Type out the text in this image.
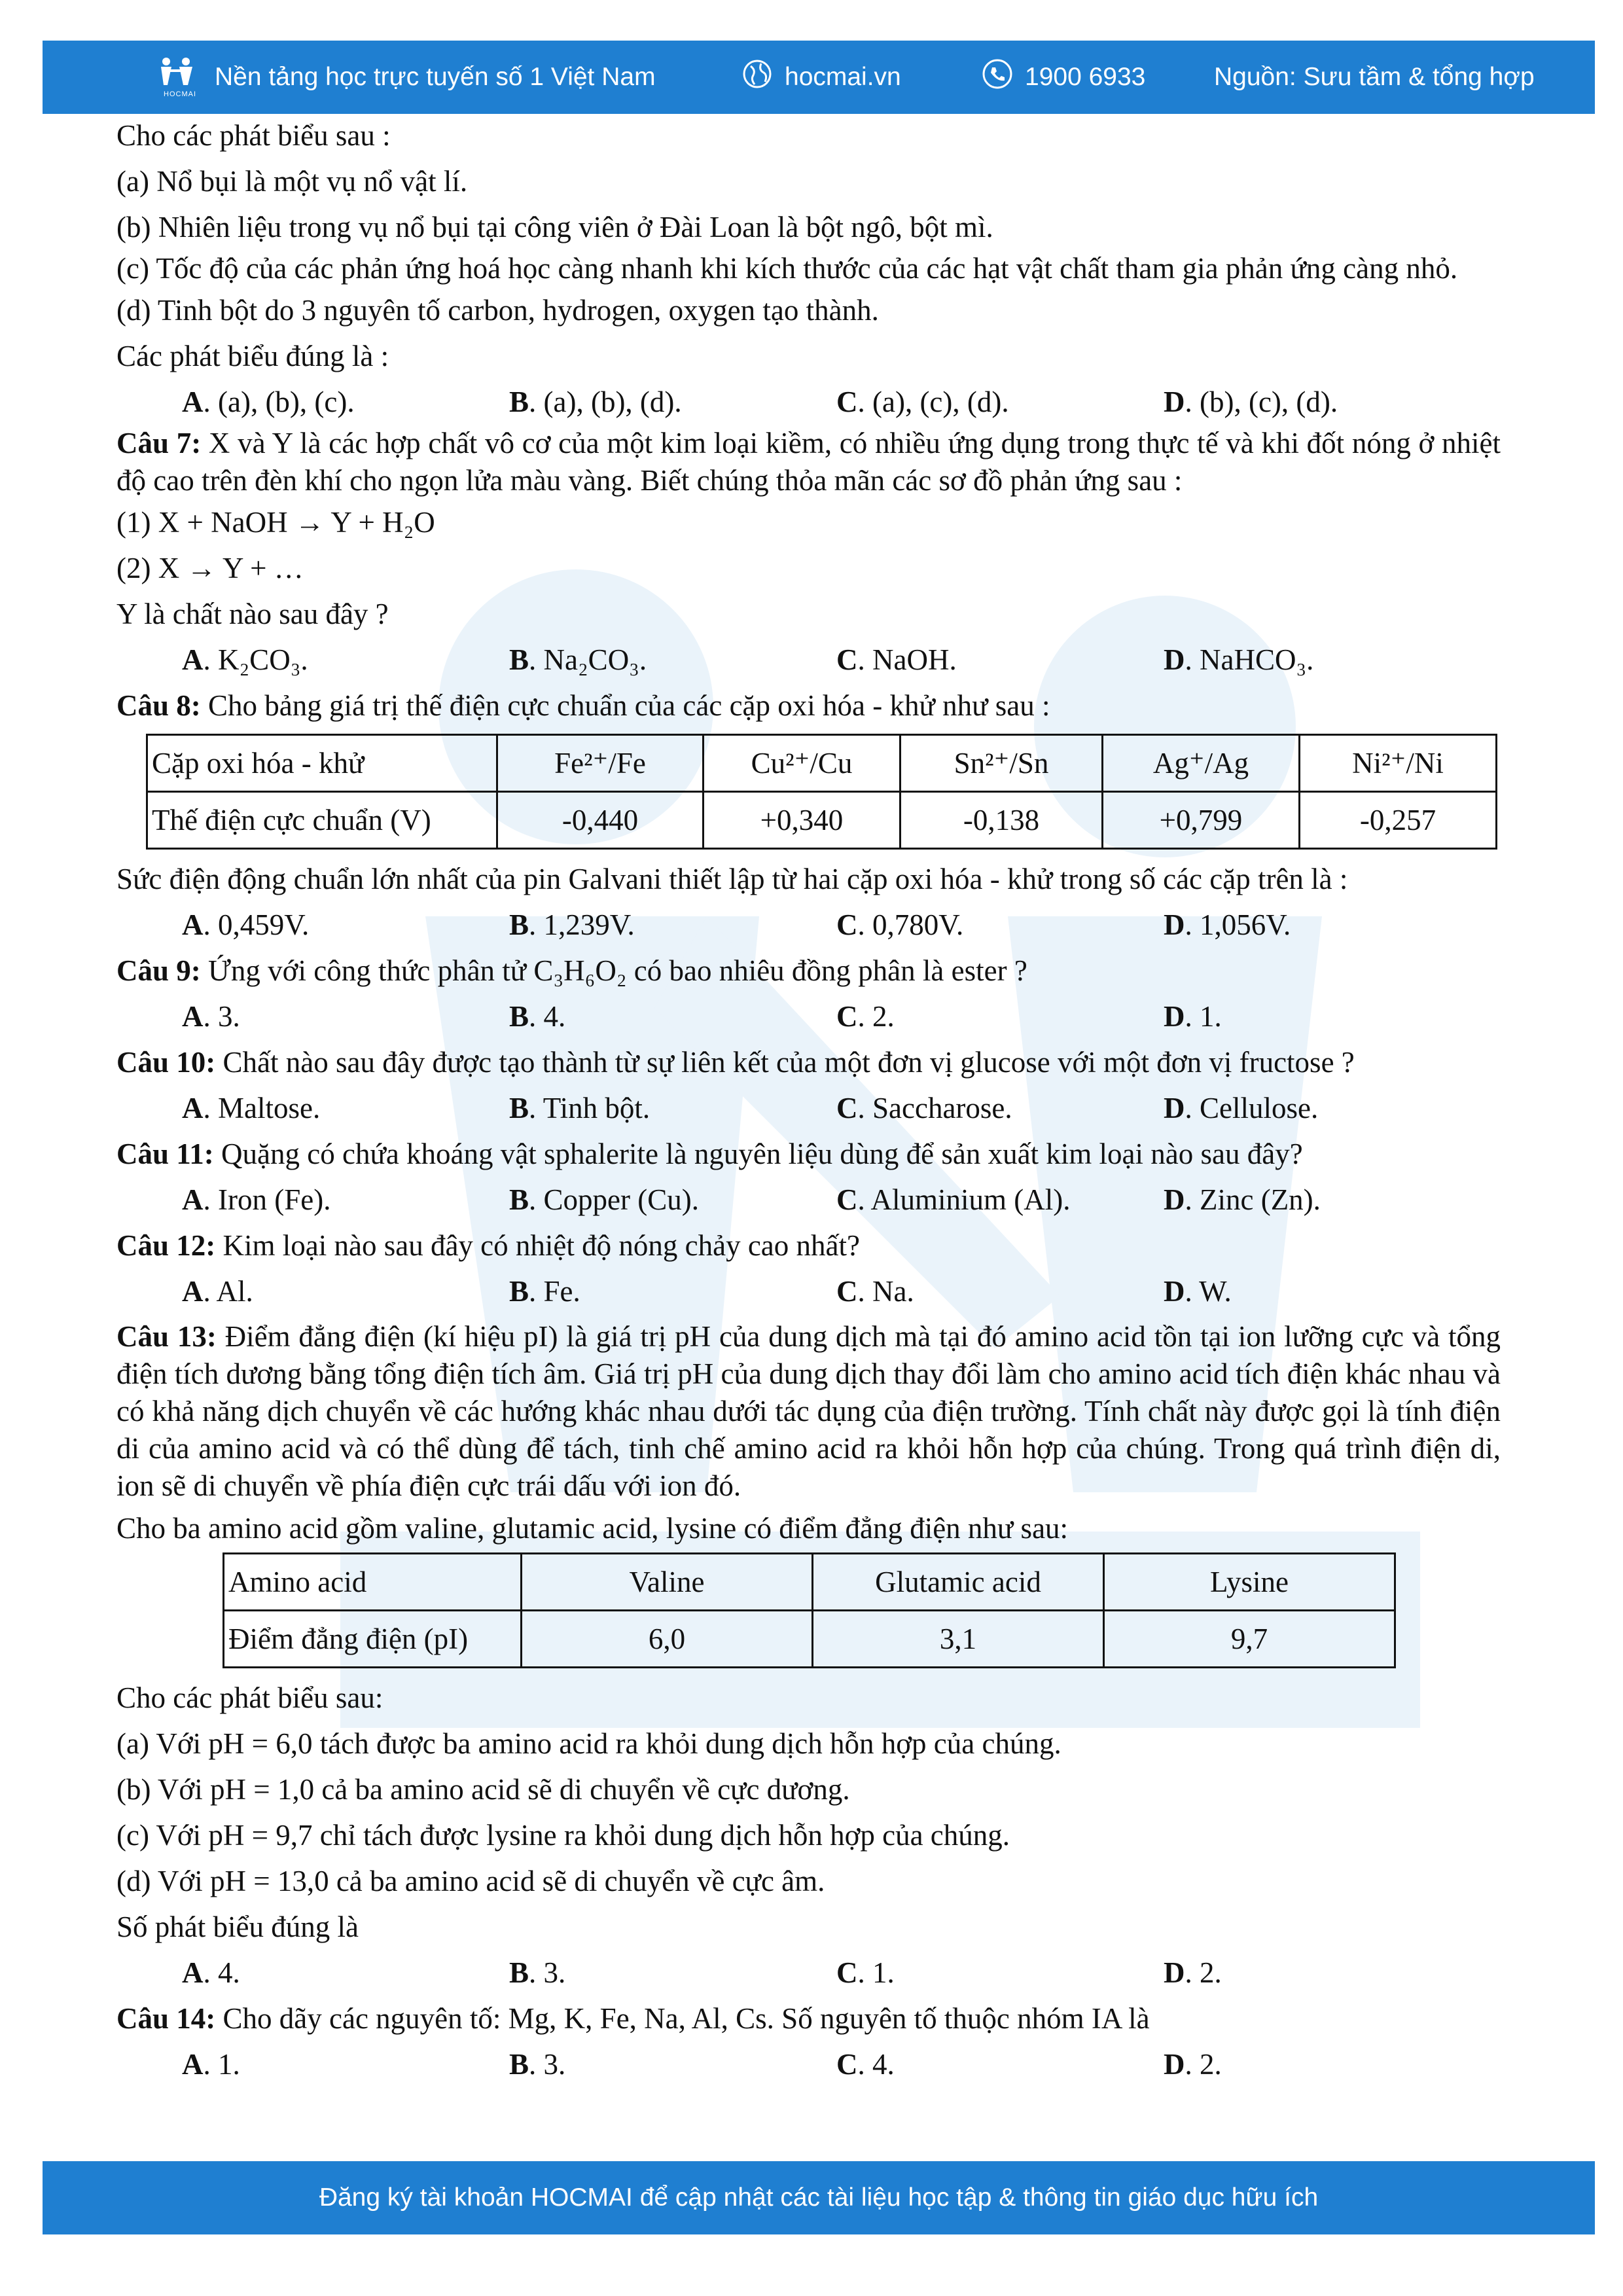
HOCMAI
Nền tảng học trực tuyến số 1 Việt Nam	hocmai.vn	1900 6933	Nguồn: Sưu tầm & tổng hợp

Cho các phát biểu sau :

(a) Nổ bụi là một vụ nổ vật lí.

(b) Nhiên liệu trong vụ nổ bụi tại công viên ở Đài Loan là bột ngô, bột mì.

(c) Tốc độ của các phản ứng hoá học càng nhanh khi kích thước của các hạt vật chất tham gia phản ứng càng nhỏ.

(d) Tinh bột do 3 nguyên tố carbon, hydrogen, oxygen tạo thành.

Các phát biểu đúng là :

A. (a), (b), (c).	B. (a), (b), (d).	C. (a), (c), (d).	D. (b), (c), (d).

Câu 7: X và Y là các hợp chất vô cơ của một kim loại kiềm, có nhiều ứng dụng trong thực tế và khi đốt nóng ở nhiệt độ cao trên đèn khí cho ngọn lửa màu vàng. Biết chúng thỏa mãn các sơ đồ phản ứng sau :

(1) X + NaOH → Y + H₂O

(2) X → Y + …

Y là chất nào sau đây ?

A. K₂CO₃.	B. Na₂CO₃.	C. NaOH.	D. NaHCO₃.

Câu 8: Cho bảng giá trị thế điện cực chuẩn của các cặp oxi hóa - khử như sau :

Cặp oxi hóa - khử	Fe²⁺/Fe	Cu²⁺/Cu	Sn²⁺/Sn	Ag⁺/Ag	Ni²⁺/Ni
Thế điện cực chuẩn (V)	-0,440	+0,340	-0,138	+0,799	-0,257

Sức điện động chuẩn lớn nhất của pin Galvani thiết lập từ hai cặp oxi hóa - khử trong số các cặp trên là :

A. 0,459V.	B. 1,239V.	C. 0,780V.	D. 1,056V.

Câu 9: Ứng với công thức phân tử C₃H₆O₂ có bao nhiêu đồng phân là ester ?

A. 3.	B. 4.	C. 2.	D. 1.

Câu 10: Chất nào sau đây được tạo thành từ sự liên kết của một đơn vị glucose với một đơn vị fructose ?

A. Maltose.	B. Tinh bột.	C. Saccharose.	D. Cellulose.

Câu 11: Quặng có chứa khoáng vật sphalerite là nguyên liệu dùng để sản xuất kim loại nào sau đây?

A. Iron (Fe).	B. Copper (Cu).	C. Aluminium (Al).	D. Zinc (Zn).

Câu 12: Kim loại nào sau đây có nhiệt độ nóng chảy cao nhất?

A. Al.	B. Fe.	C. Na.	D. W.

Câu 13: Điểm đẳng điện (kí hiệu pI) là giá trị pH của dung dịch mà tại đó amino acid tồn tại ion lưỡng cực và tổng điện tích dương bằng tổng điện tích âm. Giá trị pH của dung dịch thay đổi làm cho amino acid tích điện khác nhau và có khả năng dịch chuyển về các hướng khác nhau dưới tác dụng của điện trường. Tính chất này được gọi là tính điện di của amino acid và có thể dùng để tách, tinh chế amino acid ra khỏi hỗn hợp của chúng. Trong quá trình điện di, ion sẽ di chuyển về phía điện cực trái dấu với ion đó.

Cho ba amino acid gồm valine, glutamic acid, lysine có điểm đẳng điện như sau:

Amino acid	Valine	Glutamic acid	Lysine
Điểm đẳng điện (pI)	6,0	3,1	9,7

Cho các phát biểu sau:

(a) Với pH = 6,0 tách được ba amino acid ra khỏi dung dịch hỗn hợp của chúng.

(b) Với pH = 1,0 cả ba amino acid sẽ di chuyển về cực dương.

(c) Với pH = 9,7 chỉ tách được lysine ra khỏi dung dịch hỗn hợp của chúng.

(d) Với pH = 13,0 cả ba amino acid sẽ di chuyển về cực âm.

Số phát biểu đúng là

A. 4.	B. 3.	C. 1.	D. 2.

Câu 14: Cho dãy các nguyên tố: Mg, K, Fe, Na, Al, Cs. Số nguyên tố thuộc nhóm IA là

A. 1.	B. 3.	C. 4.	D. 2.
Đăng ký tài khoản HOCMAI để cập nhật các tài liệu học tập & thông tin giáo dục hữu ích
